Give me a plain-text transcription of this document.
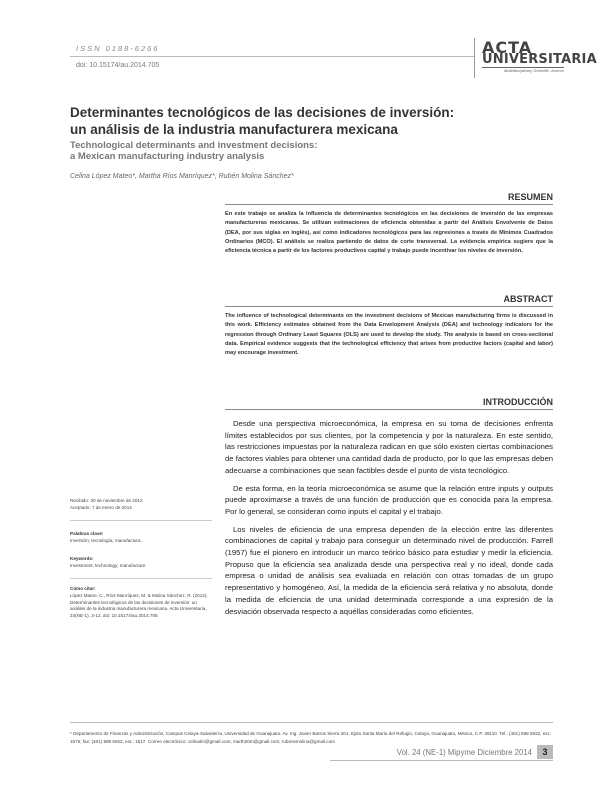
ISSN 0188-6266
doi: 10.15174/au.2014.705
ACTA
UNIVERSITARIA
Multidisciplinary Scientific Journal
Determinantes tecnológicos de las decisiones de inversión:
un análisis de la industria manufacturera mexicana
Technological determinants and investment decisions:
a Mexican manufacturing industry analysis
Celina López Mateo*, Martha Ríos Manríquez*, Rubén Molina Sánchez*
RESUMEN
En este trabajo se analiza la influencia de determinantes tecnológicos en las decisiones de inversión de las empresas manufactureras mexicanas. Se utilizan estimaciones de eficiencia obtenidas a partir del Análisis Envolvente de Datos (DEA, por sus siglas en inglés), así como indicadores tecnológicos para las regresiones a través de Mínimos Cuadrados Ordinarios (MCO). El análisis se realiza partiendo de datos de corte transversal. La evidencia empírica sugiere que la eficiencia técnica a partir de los factores productivos capital y trabajo puede incentivar los niveles de inversión.
ABSTRACT
The influence of technological determinants on the investment decisions of Mexican manufacturing firms is discussed in this work. Efficiency estimates obtained from the Data Envelopment Analysis (DEA) and technology indicators for the regression through Ordinary Least Squares (OLS) are used to develop the study. The analysis is based on cross-sectional data. Empirical evidence suggests that the technological efficiency that arises from productive factors (capital and labor) may encourage investment.
INTRODUCCIÓN

Desde una perspectiva microeconómica, la empresa en su toma de decisiones enfrenta límites establecidos por sus clientes, por la competencia y por la naturaleza. En este sentido, las restricciones impuestas por la naturaleza radican en que sólo existen ciertas combinaciones de factores viables para obtener una cantidad dada de producto, por lo que las empresas deben adecuarse a combinaciones que sean factibles desde el punto de vista tecnológico.

De esta forma, en la teoría microeconómica se asume que la relación entre inputs y outputs puede aproximarse a través de una función de producción que es conocida para la empresa. Por lo general, se consideran como inputs el capital y el trabajo.

Los niveles de eficiencia de una empresa dependen de la elección entre las diferentes combinaciones de capital y trabajo para conseguir un determinado nivel de producción. Farrell (1957) fue el pionero en introducir un marco teórico básico para estudiar y medir la eficiencia. Propuso que la eficiencia sea analizada desde una perspectiva real y no ideal, donde cada empresa o unidad de análisis sea evaluada en relación con otras tomadas de un grupo representativo y homogéneo. Así, la medida de la eficiencia será relativa y no absoluta, donde la medida de eficiencia de una unidad determinada corresponde a una expresión de la desviación observada respecto a aquéllas consideradas como eficientes.

Recibido: 30 de noviembre de 2012
Aceptado: 7 de enero de 2014
Palabras clave:
Inversión; tecnología; manufactura.
Keywords:
Investment; technology; manufacture.
Cómo citar:
López Mateo, C., Ríos Manríquez, M. & Molina Sánchez, R. (2014). Determinantes tecnológicos de las decisiones de inversión: un análisis de la industria manufacturera mexicana. Acta Universitaria, 24(NE-1), 3-12. doi: 10.15174/au.2014.705
* Departamento de Finanzas y Administración, Campus Celaya-Salvatierra, Universidad de Guanajuato. Av. Ing. Javier Barros Sierra 201, Ejido Santa María del Refugio, Celaya, Guanajuato, México, C.P. 38110. Tel.: (461) 598 5922, ext.: 1575; fax: (461) 598 5922, ext.: 1517. Correo electrónico: celinalm@gmail.com; marth20m@gmail.com; rubensmolina@gmail.com
Vol. 24 (NE-1) Mipyme Diciembre 2014	3
